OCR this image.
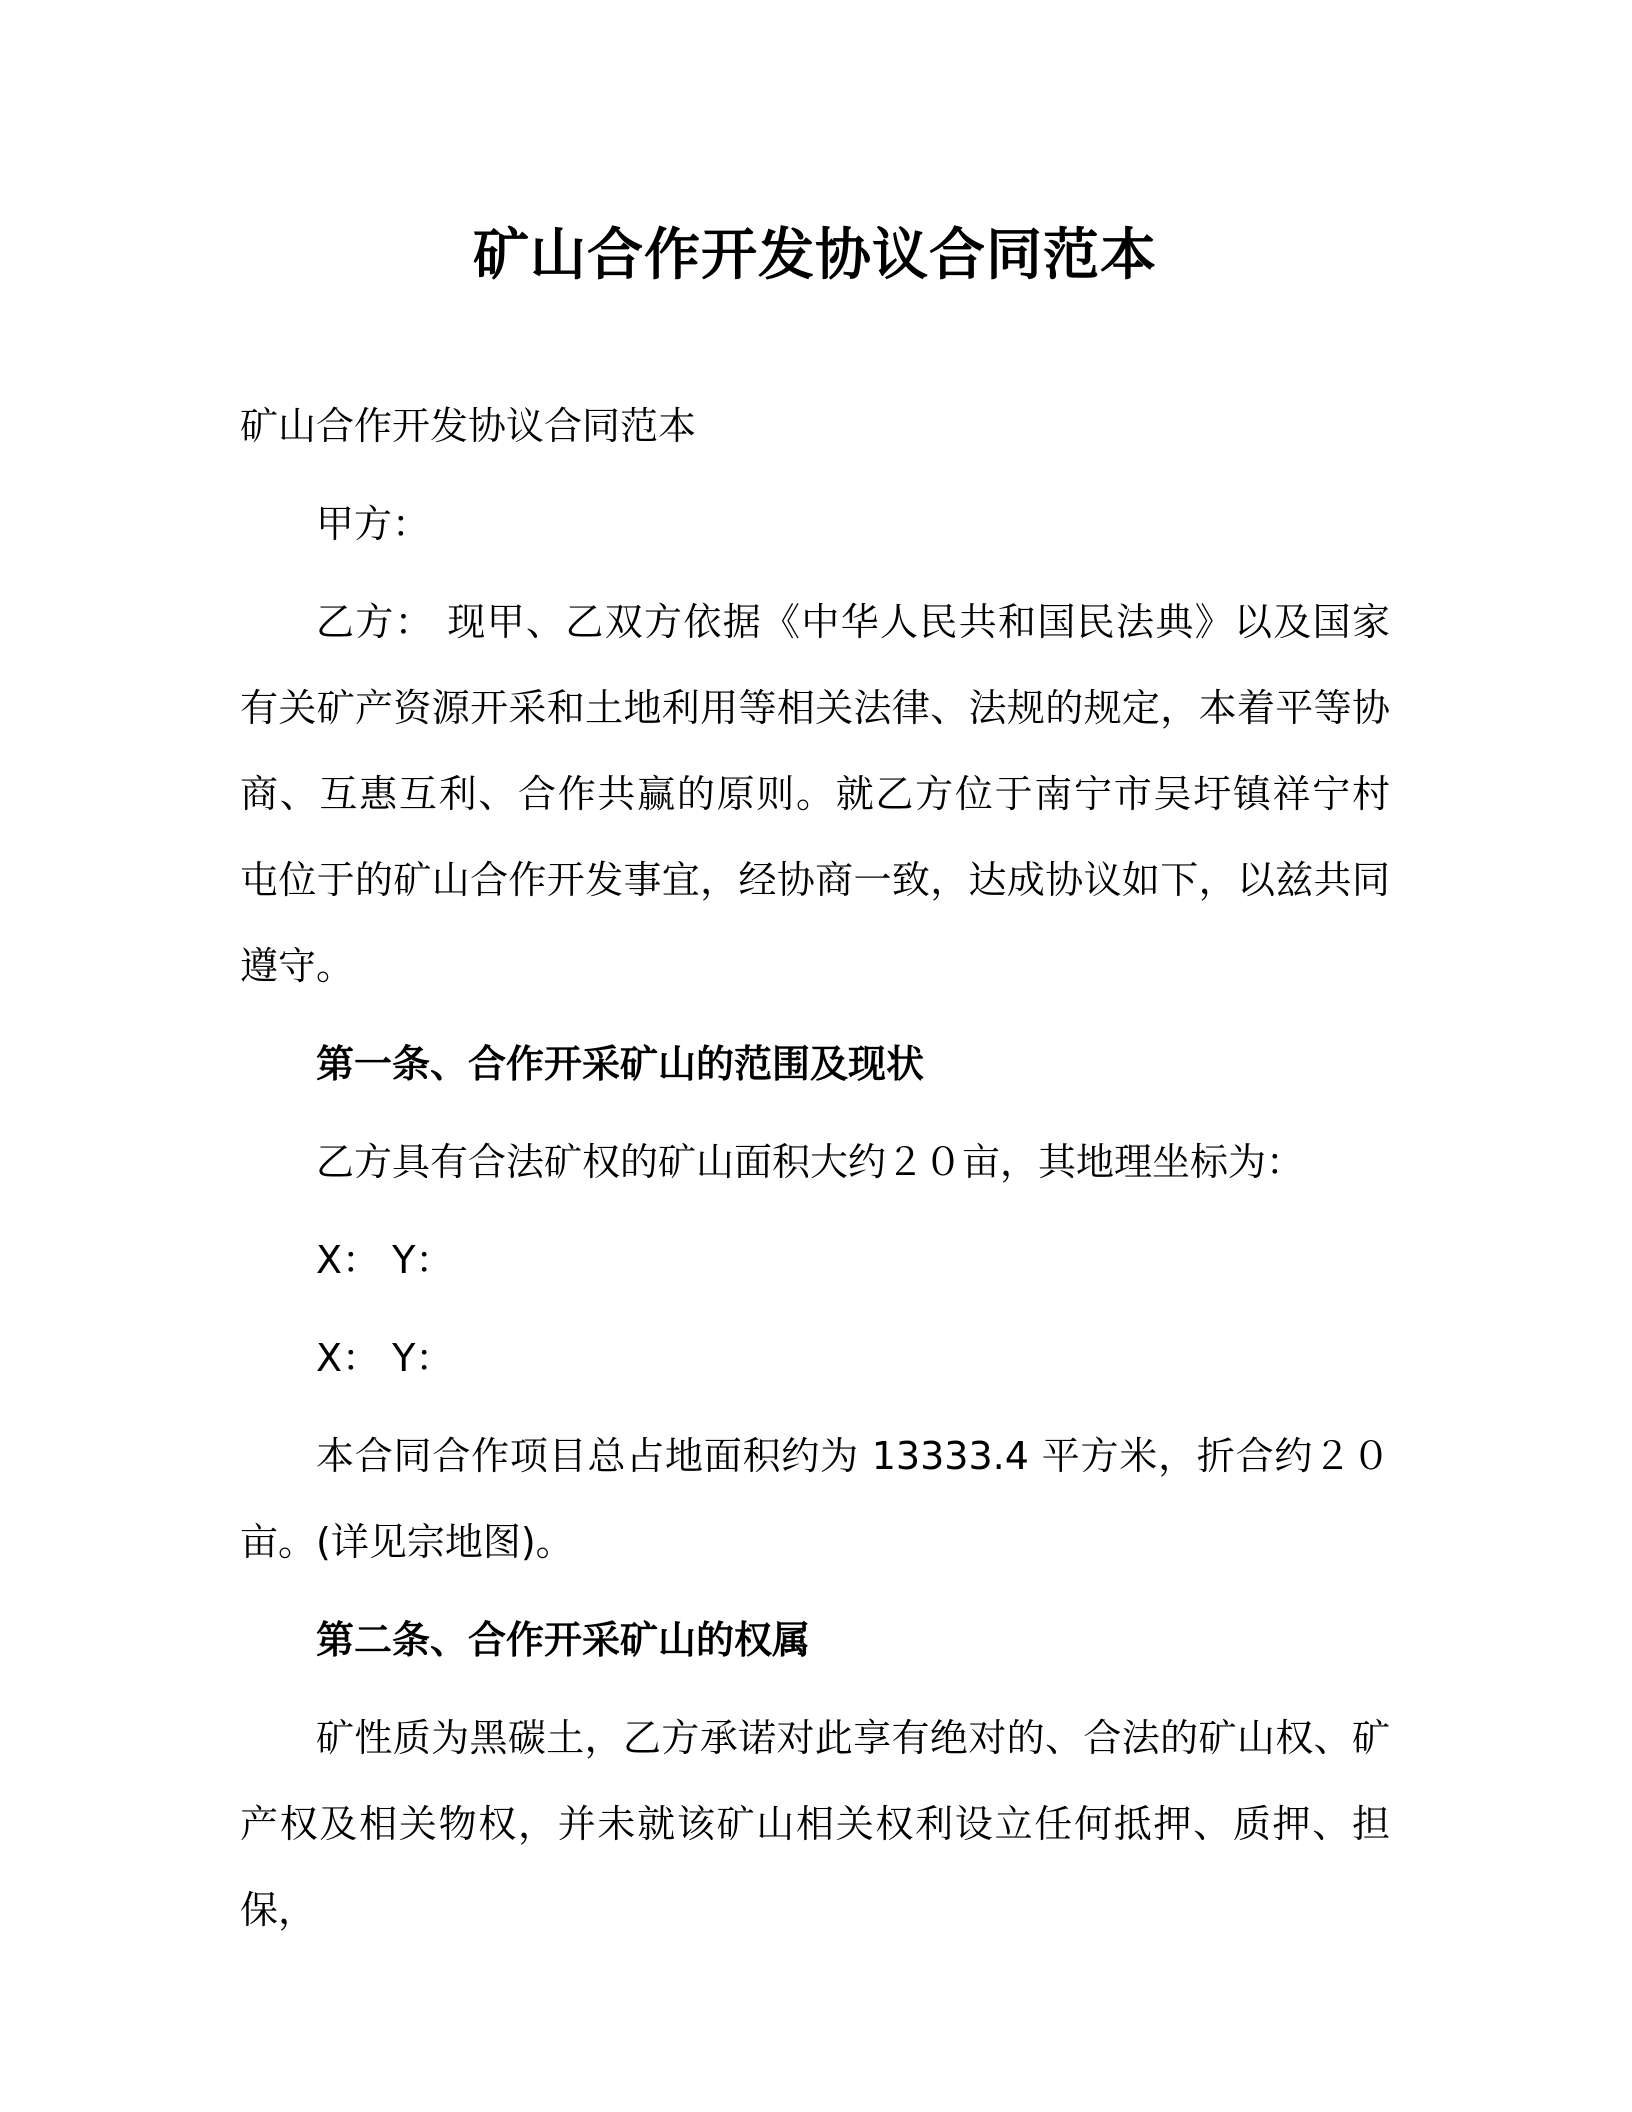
矿山合作开发协议合同范本

矿山合作开发协议合同范本

甲方：

乙方： 现甲、乙双方依据《中华人民共和国民法典》以及国家有关矿产资源开采和土地利用等相关法律、法规的规定，本着平等协商、互惠互利、合作共赢的原则。就乙方位于南宁市吴圩镇祥宁村 屯位于的矿山合作开发事宜，经协商一致，达成协议如下，以兹共同遵守。

第一条、合作开采矿山的范围及现状

乙方具有合法矿权的矿山面积大约２０亩，其地理坐标为：

X： Y：

X： Y：

本合同合作项目总占地面积约为 13333.4 平方米，折合约２０亩。(详见宗地图)。

第二条、合作开采矿山的权属

矿性质为黑碳土，乙方承诺对此享有绝对的、合法的矿山权、矿产权及相关物权，并未就该矿山相关权利设立任何抵押、质押、担保，
